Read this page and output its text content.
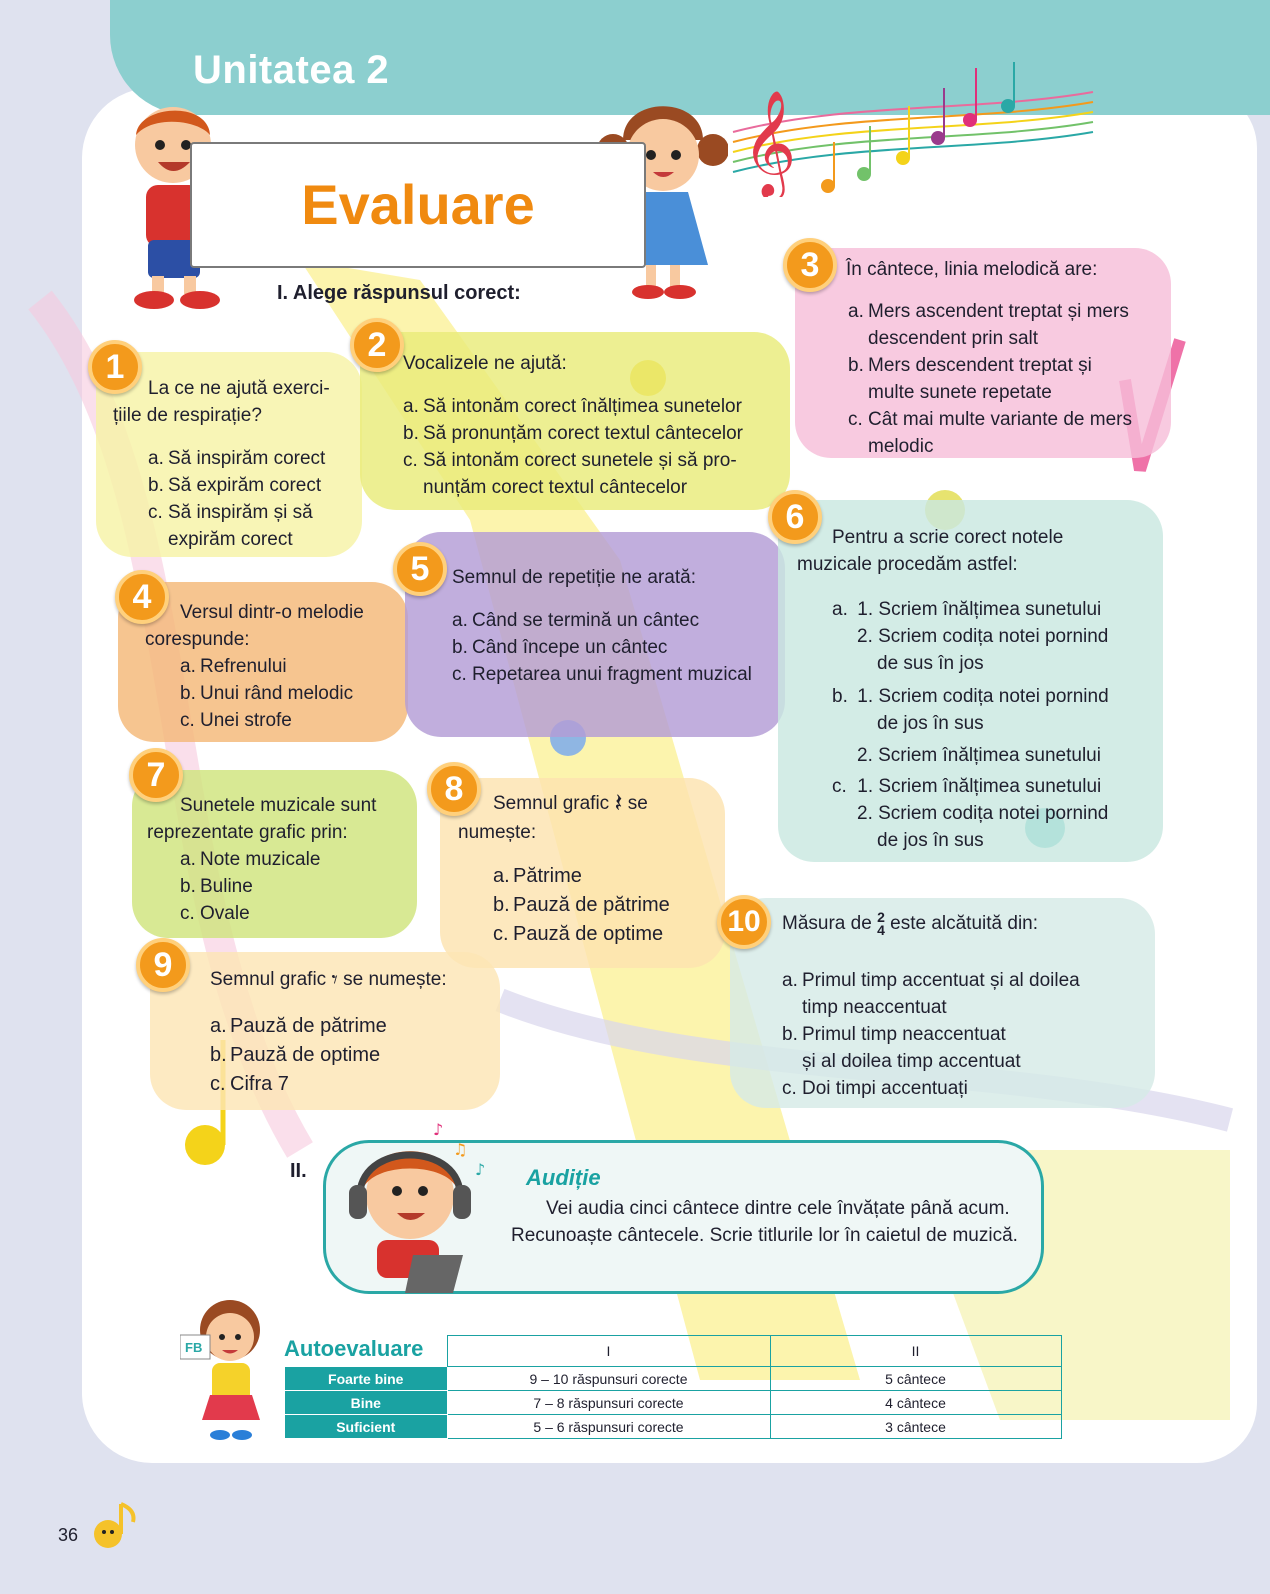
Unitatea 2
𝄞
Evaluare
I. Alege răspunsul corect:
1
La ce ne ajută exerci-
țiile de respirație?
a. Să inspirăm corect
b. Să expirăm corect
c. Să inspirăm și să
expirăm corect
2 Vocalizele ne ajută:
a. Să intonăm corect înălțimea sunetelor
b. Să pronunțăm corect textul cântecelor
c. Să intonăm corect sunetele și să pro-
nunțăm corect textul cântecelor
3	În cântece, linia melodică are:
a. Mers ascendent treptat și mers
descendent prin salt
b. Mers descendent treptat și
multe sunete repetate
c. Cât mai multe variante de mers
melodic
4	Versul dintr-o melodie
corespunde:
a. Refrenului
b. Unui rând melodic
c. Unei strofe
5	Semnul de repetiție ne arată:
a. Când se termină un cântec
b. Când începe un cântec
c. Repetarea unui fragment muzical
6
Pentru a scrie corect notele
muzicale procedăm astfel:
a. 1. Scriem înălțimea sunetului
2. Scriem codița notei pornind
de sus în jos
b. 1. Scriem codița notei pornind
de jos în sus
2. Scriem înălțimea sunetului
c. 1. Scriem înălțimea sunetului
2. Scriem codița notei pornind
de jos în sus
7
Sunetele muzicale sunt
reprezentate grafic prin:
a. Note muzicale
b. Buline
c. Ovale
8	Semnul grafic 𝄽 se
numește:
a. Pătrime
b. Pauză de pătrime
c. Pauză de optime
9	Semnul grafic 𝄾 se numește:
a. Pauză de pătrime
b. Pauză de optime
c. Cifra 7
10	Măsura de 2
4 este alcătuită din:
a. Primul timp accentuat și al doilea
timp neaccentuat
b. Primul timp neaccentuat
și al doilea timp accentuat
c. Doi timpi accentuați
II.	Audiție
Vei audia cinci cântece dintre cele învățate până acum. Recunoaște cântecele. Scrie titlurile lor în caietul de muzică.
♪
♫
♪
FB	Autoevaluare
		I	II
Foarte bine	9 – 10 răspunsuri corecte	5 cântece
Bine	7 – 8 răspunsuri corecte	4 cântece
Suficient	5 – 6 răspunsuri corecte	3 cântece
36
